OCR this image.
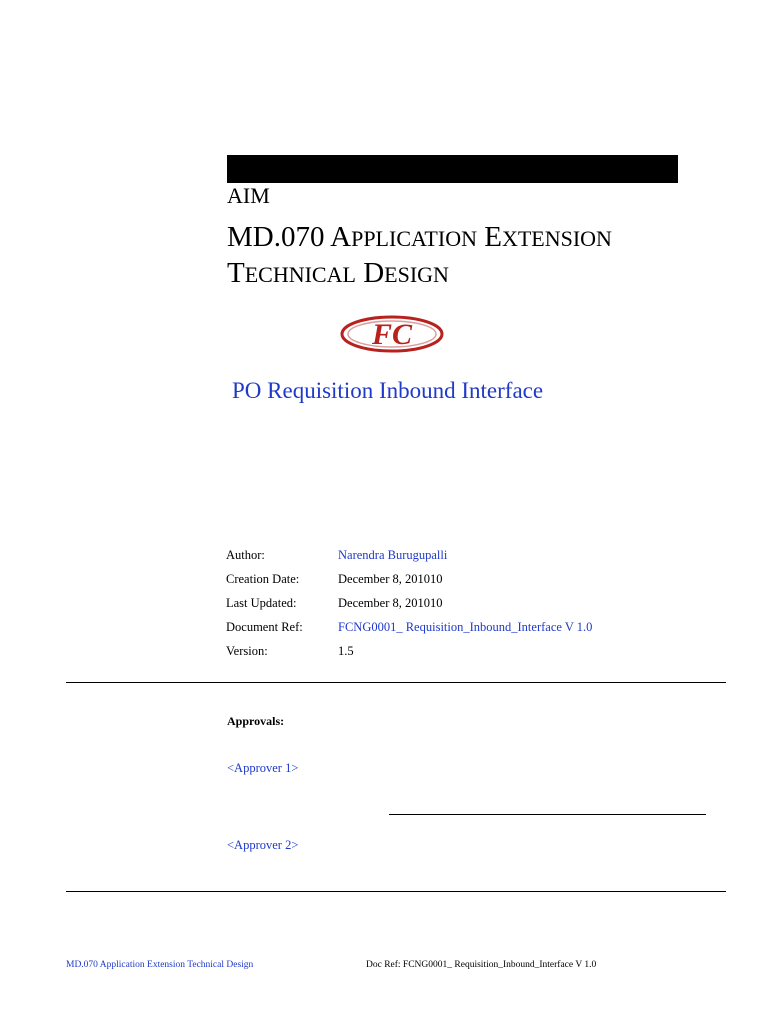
AIM
MD.070 APPLICATION EXTENSION
TECHNICAL DESIGN
FC
PO Requisition Inbound Interface
Author:	Narendra Burugupalli
Creation Date:	December 8, 201010
Last Updated:	December 8, 201010
Document Ref:	FCNG0001_ Requisition_Inbound_Interface V 1.0
Version:	1.5
Approvals:
<Approver 1>
<Approver 2>
MD.070 Application Extension Technical Design	Doc Ref: FCNG0001_ Requisition_Inbound_Interface V 1.0
